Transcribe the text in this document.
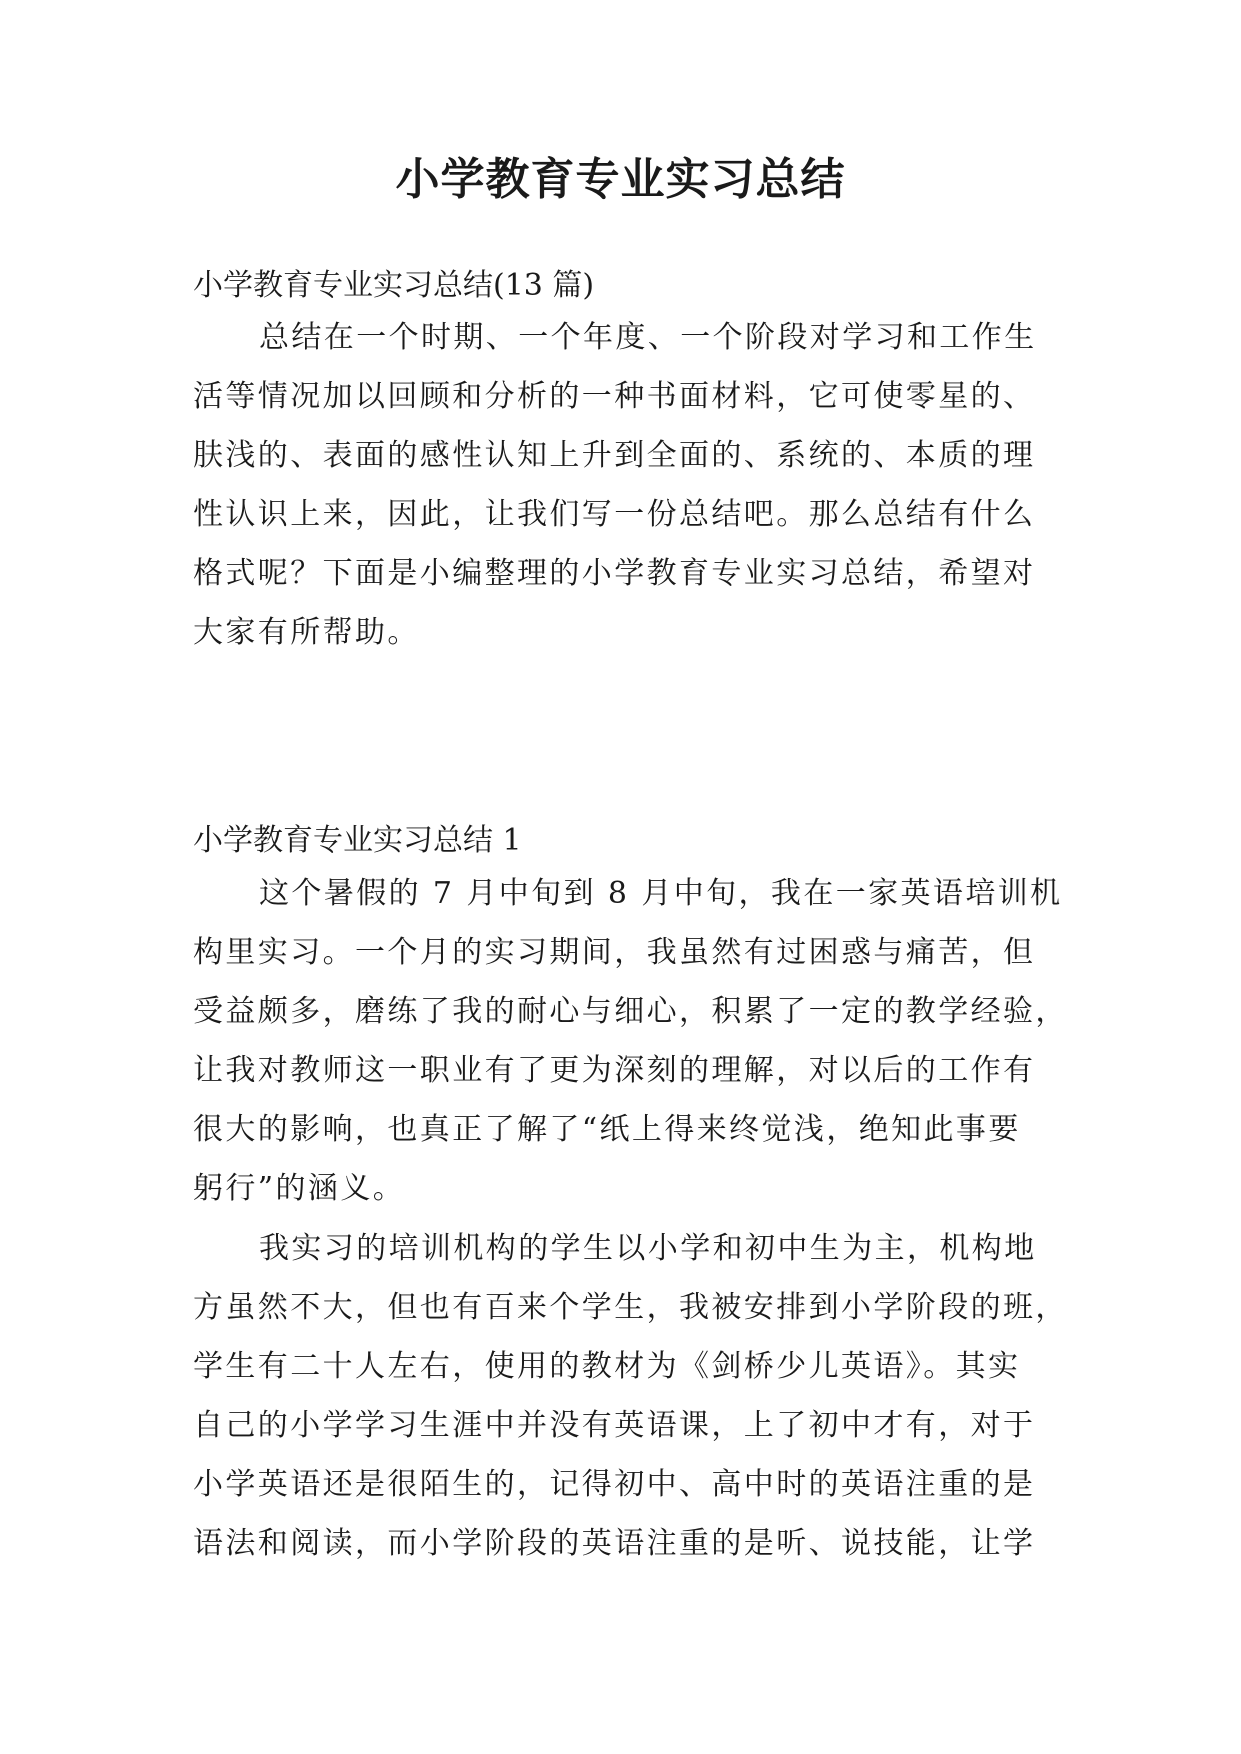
小学教育专业实习总结

小学教育专业实习总结(13 篇)

总结在一个时期、一个年度、一个阶段对学习和工作生
活等情况加以回顾和分析的一种书面材料，它可使零星的、
肤浅的、表面的感性认知上升到全面的、系统的、本质的理
性认识上来，因此，让我们写一份总结吧。那么总结有什么
格式呢？下面是小编整理的小学教育专业实习总结，希望对
大家有所帮助。

小学教育专业实习总结 1

这个暑假的 7 月中旬到 8 月中旬，我在一家英语培训机
构里实习。一个月的实习期间，我虽然有过困惑与痛苦，但
受益颇多，磨练了我的耐心与细心，积累了一定的教学经验，
让我对教师这一职业有了更为深刻的理解，对以后的工作有
很大的影响，也真正了解了“纸上得来终觉浅，绝知此事要
躬行”的涵义。
我实习的培训机构的学生以小学和初中生为主，机构地
方虽然不大，但也有百来个学生，我被安排到小学阶段的班，
学生有二十人左右，使用的教材为《剑桥少儿英语》。其实
自己的小学学习生涯中并没有英语课，上了初中才有，对于
小学英语还是很陌生的，记得初中、高中时的英语注重的是
语法和阅读，而小学阶段的英语注重的是听、说技能，让学
